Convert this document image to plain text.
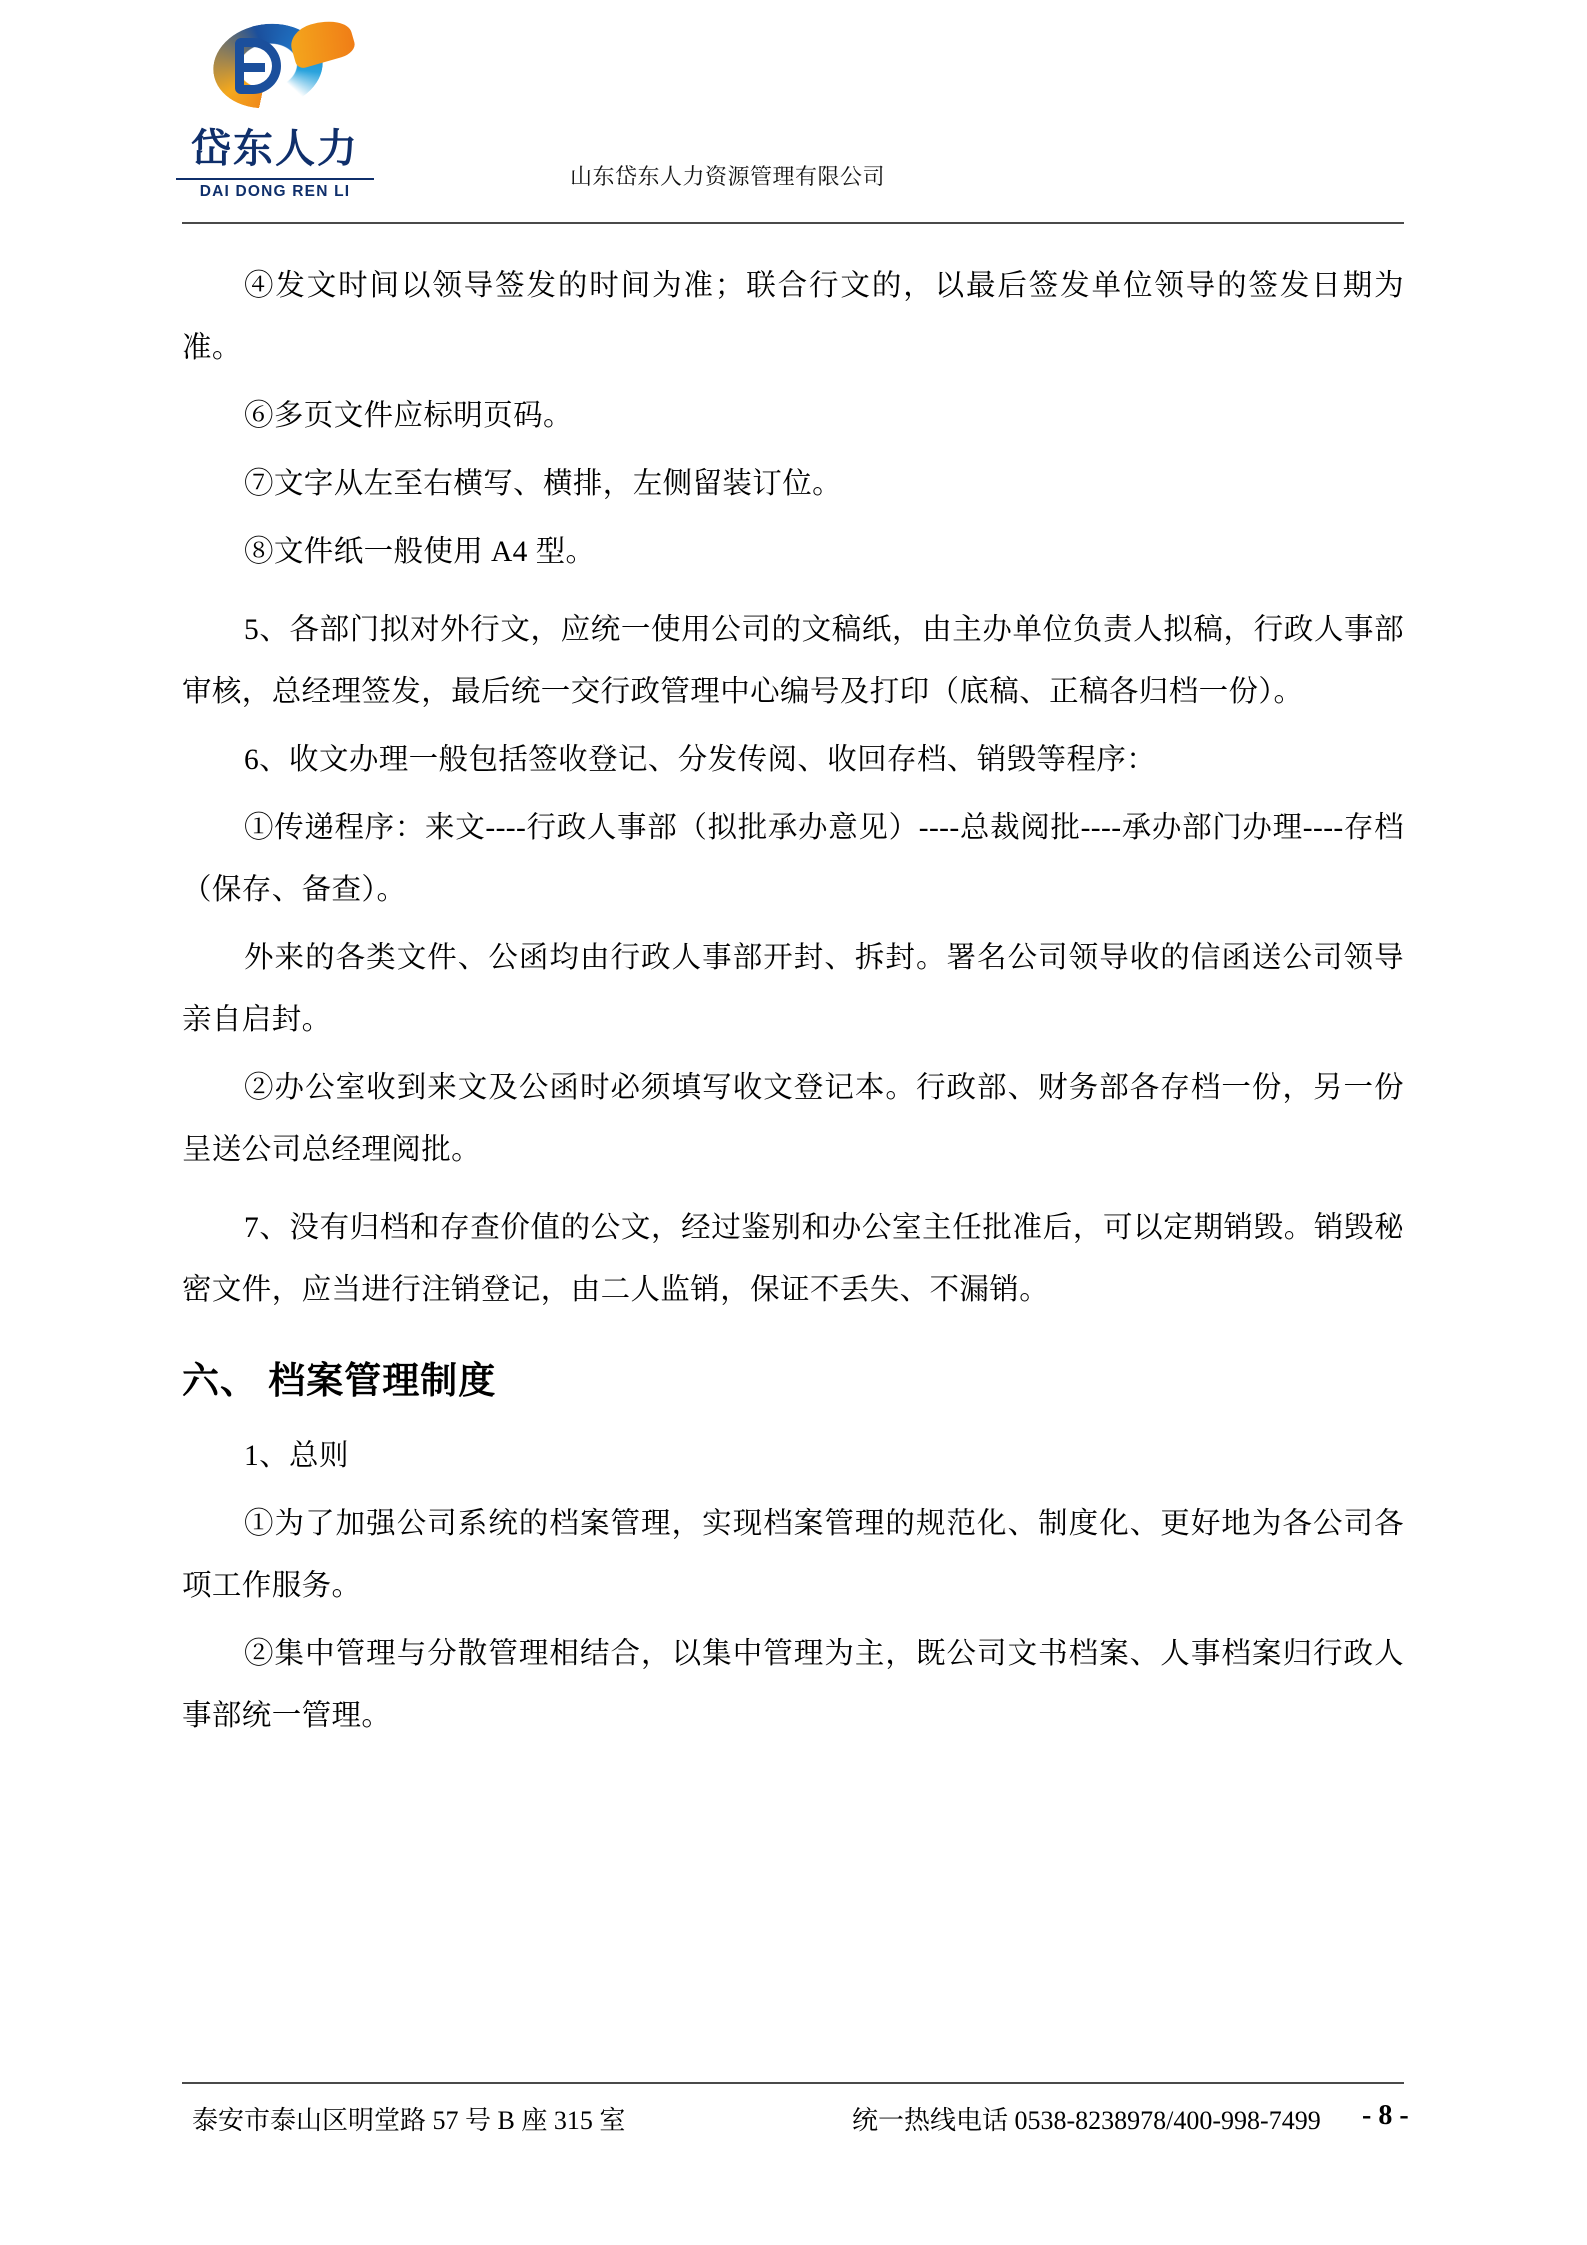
岱东人力
DAI DONG REN LI
山东岱东人力资源管理有限公司

④发文时间以领导签发的时间为准；联合行文的，以最后签发单位领导的签发日期为准。

⑥多页文件应标明页码。

⑦文字从左至右横写、横排，左侧留装订位。

⑧文件纸一般使用 A4 型。

5、各部门拟对外行文，应统一使用公司的文稿纸，由主办单位负责人拟稿，行政人事部审核，总经理签发，最后统一交行政管理中心编号及打印（底稿、正稿各归档一份）。

6、收文办理一般包括签收登记、分发传阅、收回存档、销毁等程序：

①传递程序：来文----行政人事部（拟批承办意见）----总裁阅批----承办部门办理----存档（保存、备查）。

外来的各类文件、公函均由行政人事部开封、拆封。署名公司领导收的信函送公司领导亲自启封。

②办公室收到来文及公函时必须填写收文登记本。行政部、财务部各存档一份，另一份呈送公司总经理阅批。

7、没有归档和存查价值的公文，经过鉴别和办公室主任批准后，可以定期销毁。销毁秘密文件，应当进行注销登记，由二人监销，保证不丢失、不漏销。

六、 档案管理制度

1、总则

①为了加强公司系统的档案管理，实现档案管理的规范化、制度化、更好地为各公司各项工作服务。

②集中管理与分散管理相结合，以集中管理为主，既公司文书档案、人事档案归行政人事部统一管理。

泰安市泰山区明堂路 57 号 B 座 315 室	统一热线电话 0538-8238978/400-998-7499 - 8 -
